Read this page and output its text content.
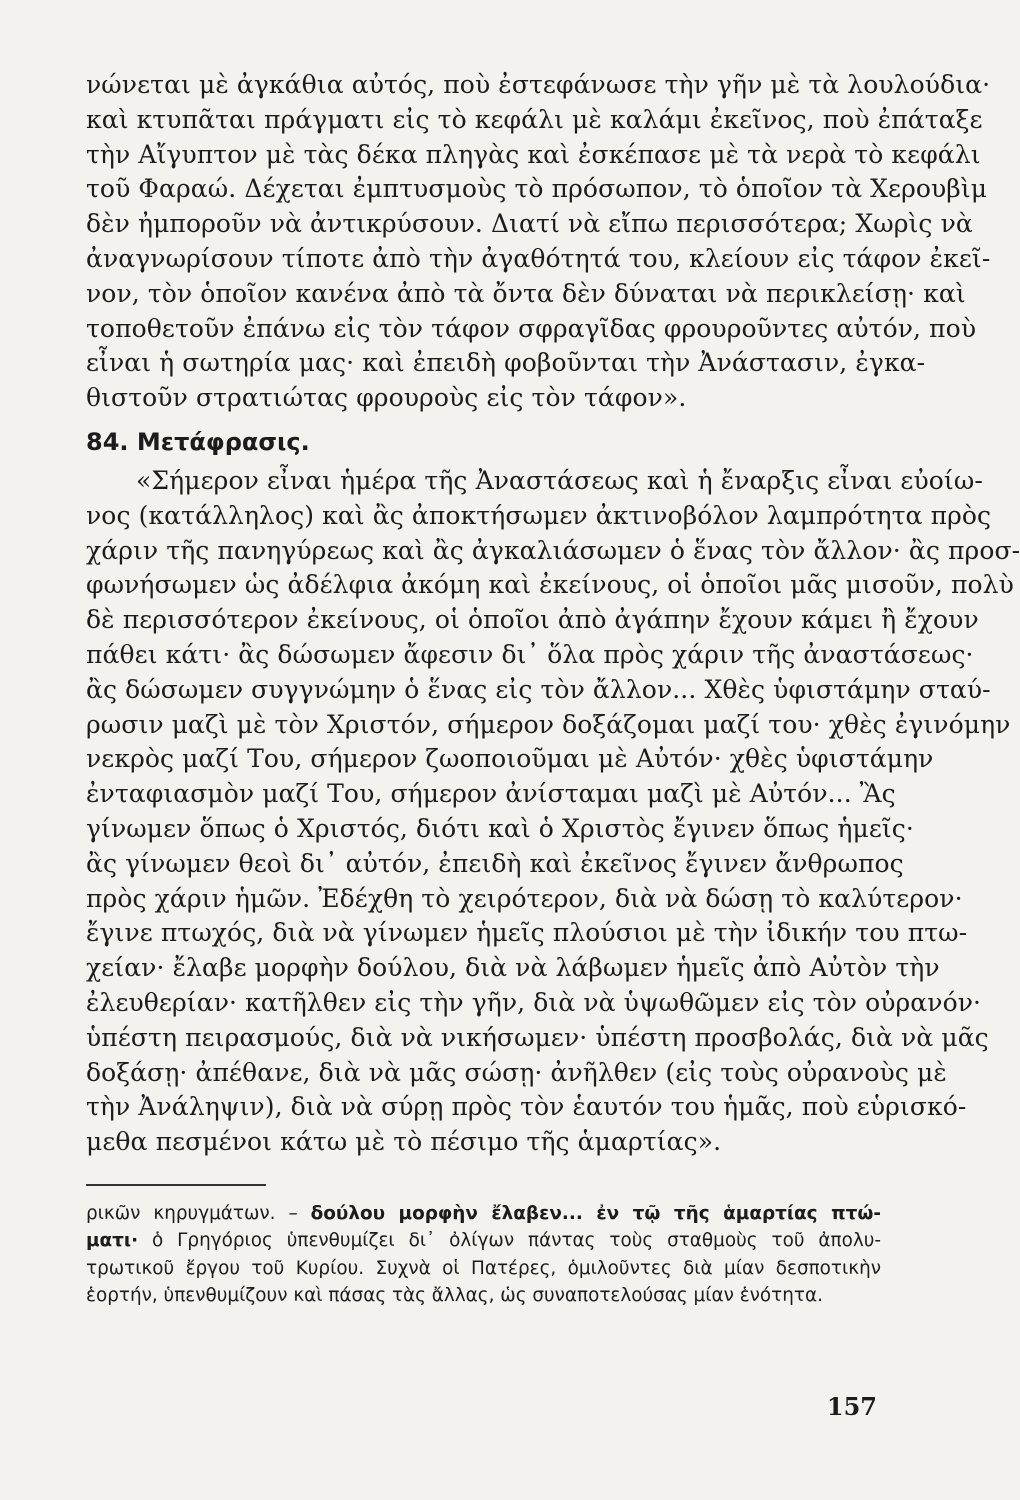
νώνεται μὲ ἀγκάθια αὐτός, ποὺ ἐστεφάνωσε τὴν γῆν μὲ τὰ λουλούδια·
καὶ κτυπᾶται πράγματι εἰς τὸ κεφάλι μὲ καλάμι ἐκεῖνος, ποὺ ἐπάταξε
τὴν Αἴγυπτον μὲ τὰς δέκα πληγὰς καὶ ἐσκέπασε μὲ τὰ νερὰ τὸ κεφάλι
τοῦ Φαραώ. Δέχεται ἐμπτυσμοὺς τὸ πρόσωπον, τὸ ὁποῖον τὰ Χερουβὶμ
δὲν ἠμποροῦν νὰ ἀντικρύσουν. Διατί νὰ εἴπω περισσότερα; Χωρὶς νὰ
ἀναγνωρίσουν τίποτε ἀπὸ τὴν ἀγαθότητά του, κλείουν εἰς τάφον ἐκεῖ-
νον, τὸν ὁποῖον κανένα ἀπὸ τὰ ὄντα δὲν δύναται νὰ περικλείσῃ· καὶ
τοποθετοῦν ἐπάνω εἰς τὸν τάφον σφραγῖδας φρουροῦντες αὐτόν, ποὺ
εἶναι ἡ σωτηρία μας· καὶ ἐπειδὴ φοβοῦνται τὴν Ἀνάστασιν, ἐγκα-
θιστοῦν στρατιώτας φρουροὺς εἰς τὸν τάφον».
84. Μετάφρασις.
«Σήμερον εἶναι ἡμέρα τῆς Ἀναστάσεως καὶ ἡ ἔναρξις εἶναι εὐοίω-
νος (κατάλληλος) καὶ ἂς ἀποκτήσωμεν ἀκτινοβόλον λαμπρότητα πρὸς
χάριν τῆς πανηγύρεως καὶ ἂς ἀγκαλιάσωμεν ὁ ἕνας τὸν ἄλλον· ἂς προσ-
φωνήσωμεν ὡς ἀδέλφια ἀκόμη καὶ ἐκείνους, οἱ ὁποῖοι μᾶς μισοῦν, πολὺ
δὲ περισσότερον ἐκείνους, οἱ ὁποῖοι ἀπὸ ἀγάπην ἔχουν κάμει ἢ ἔχουν
πάθει κάτι· ἂς δώσωμεν ἄφεσιν δι᾿ ὅλα πρὸς χάριν τῆς ἀναστάσεως·
ἂς δώσωμεν συγγνώμην ὁ ἕνας εἰς τὸν ἄλλον... Χθὲς ὑφιστάμην σταύ-
ρωσιν μαζὶ μὲ τὸν Χριστόν, σήμερον δοξάζομαι μαζί του· χθὲς ἐγινόμην
νεκρὸς μαζί Του, σήμερον ζωοποιοῦμαι μὲ Αὐτόν· χθὲς ὑφιστάμην
ἐνταφιασμὸν μαζί Του, σήμερον ἀνίσταμαι μαζὶ μὲ Αὐτόν... Ἂς
γίνωμεν ὅπως ὁ Χριστός, διότι καὶ ὁ Χριστὸς ἔγινεν ὅπως ἡμεῖς·
ἂς γίνωμεν θεοὶ δι᾿ αὐτόν, ἐπειδὴ καὶ ἐκεῖνος ἔγινεν ἄνθρωπος
πρὸς χάριν ἡμῶν. Ἐδέχθη τὸ χειρότερον, διὰ νὰ δώσῃ τὸ καλύτερον·
ἔγινε πτωχός, διὰ νὰ γίνωμεν ἡμεῖς πλούσιοι μὲ τὴν ἰδικήν του πτω-
χείαν· ἔλαβε μορφὴν δούλου, διὰ νὰ λάβωμεν ἡμεῖς ἀπὸ Αὐτὸν τὴν
ἐλευθερίαν· κατῆλθεν εἰς τὴν γῆν, διὰ νὰ ὑψωθῶμεν εἰς τὸν οὐρανόν·
ὑπέστη πειρασμούς, διὰ νὰ νικήσωμεν· ὑπέστη προσβολάς, διὰ νὰ μᾶς
δοξάσῃ· ἀπέθανε, διὰ νὰ μᾶς σώσῃ· ἀνῆλθεν (εἰς τοὺς οὐρανοὺς μὲ
τὴν Ἀνάληψιν), διὰ νὰ σύρῃ πρὸς τὸν ἑαυτόν του ἡμᾶς, ποὺ εὑρισκό-
μεθα πεσμένοι κάτω μὲ τὸ πέσιμο τῆς ἁμαρτίας».
ρικῶν κηρυγμάτων. – δούλου μορφὴν ἔλαβεν... ἐν τῷ τῆς ἁμαρτίας πτώ-
ματι· ὁ Γρηγόριος ὑπενθυμίζει δι᾿ ὀλίγων πάντας τοὺς σταθμοὺς τοῦ ἀπολυ-
τρωτικοῦ ἔργου τοῦ Κυρίου. Συχνὰ οἱ Πατέρες, ὁμιλοῦντες διὰ μίαν δεσποτικὴν
ἑορτήν, ὑπενθυμίζουν καὶ πάσας τὰς ἄλλας, ὡς συναποτελούσας μίαν ἑνότητα.
157
